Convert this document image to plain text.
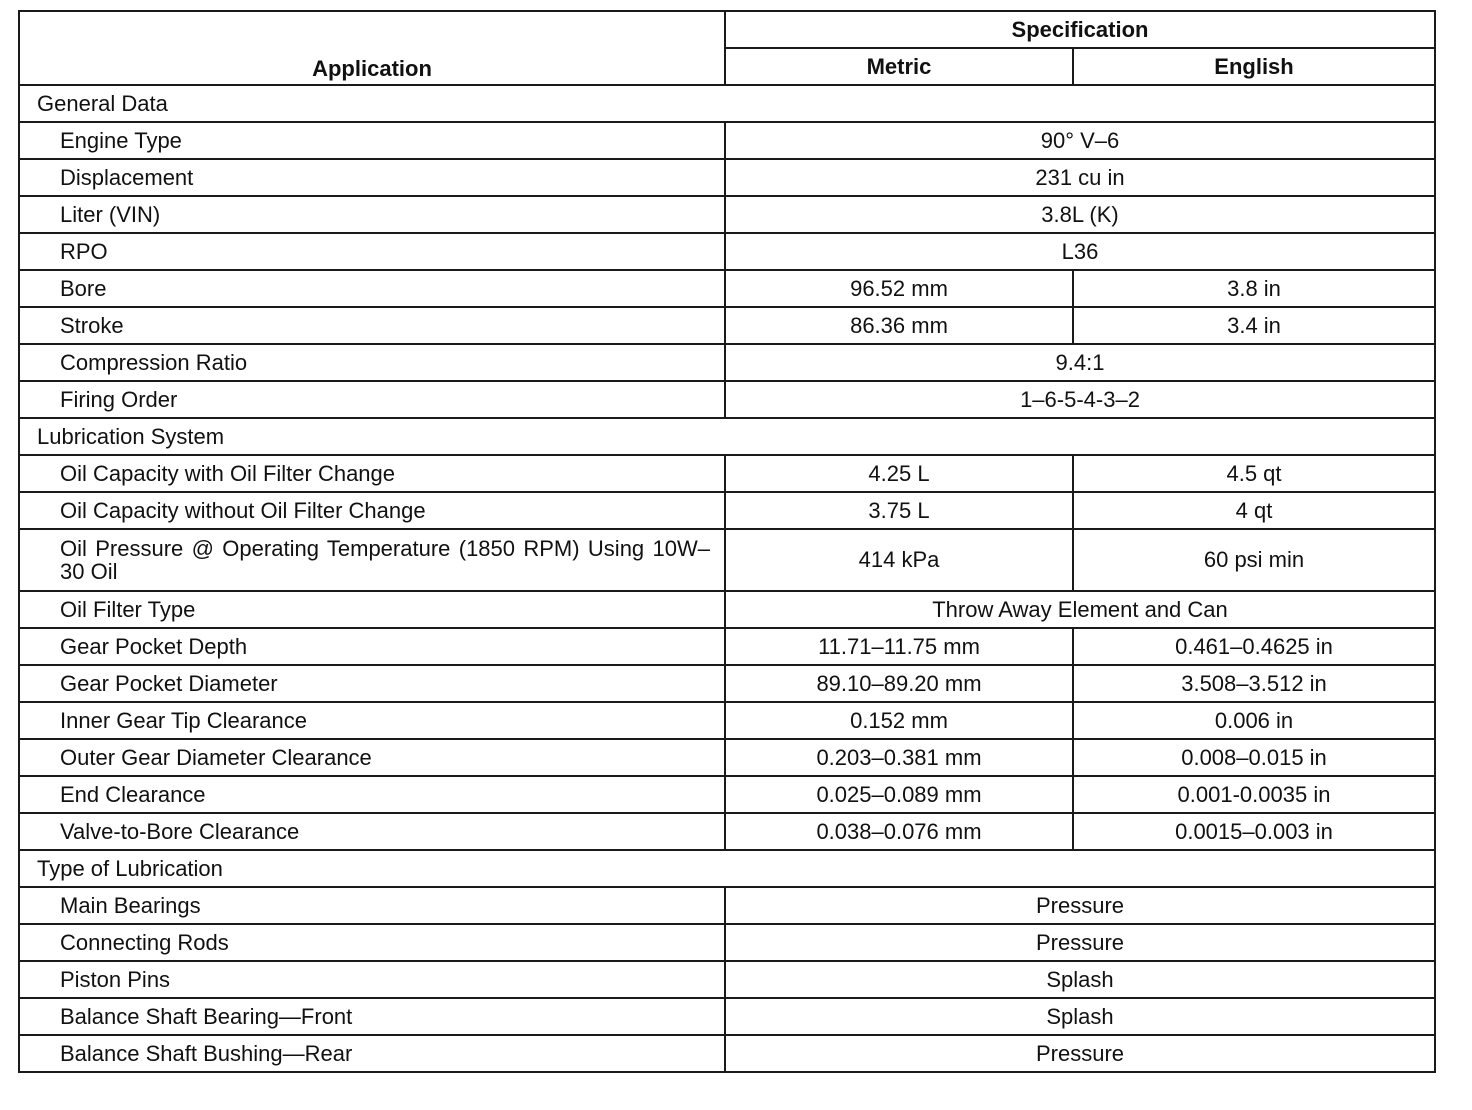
Application	Specification	
	Metric	English
General Data		
Engine Type	90° V–6	
Displacement	231 cu in	
Liter (VIN)	3.8L (K)	
RPO	L36	
Bore	96.52 mm	3.8 in
Stroke	86.36 mm	3.4 in
Compression Ratio	9.4:1	
Firing Order	1–6-5-4-3–2	
Lubrication System		
Oil Capacity with Oil Filter Change	4.25 L	4.5 qt
Oil Capacity without Oil Filter Change	3.75 L	4 qt
Oil Pressure @ Operating Temperature (1850 RPM) Using 10W–30 Oil	414 kPa	60 psi min
Oil Filter Type	Throw Away Element and Can	
Gear Pocket Depth	11.71–11.75 mm	0.461–0.4625 in
Gear Pocket Diameter	89.10–89.20 mm	3.508–3.512 in
Inner Gear Tip Clearance	0.152 mm	0.006 in
Outer Gear Diameter Clearance	0.203–0.381 mm	0.008–0.015 in
End Clearance	0.025–0.089 mm	0.001-0.0035 in
Valve-to-Bore Clearance	0.038–0.076 mm	0.0015–0.003 in
Type of Lubrication		
Main Bearings	Pressure	
Connecting Rods	Pressure	
Piston Pins	Splash	
Balance Shaft Bearing—Front	Splash	
Balance Shaft Bushing—Rear	Pressure	
